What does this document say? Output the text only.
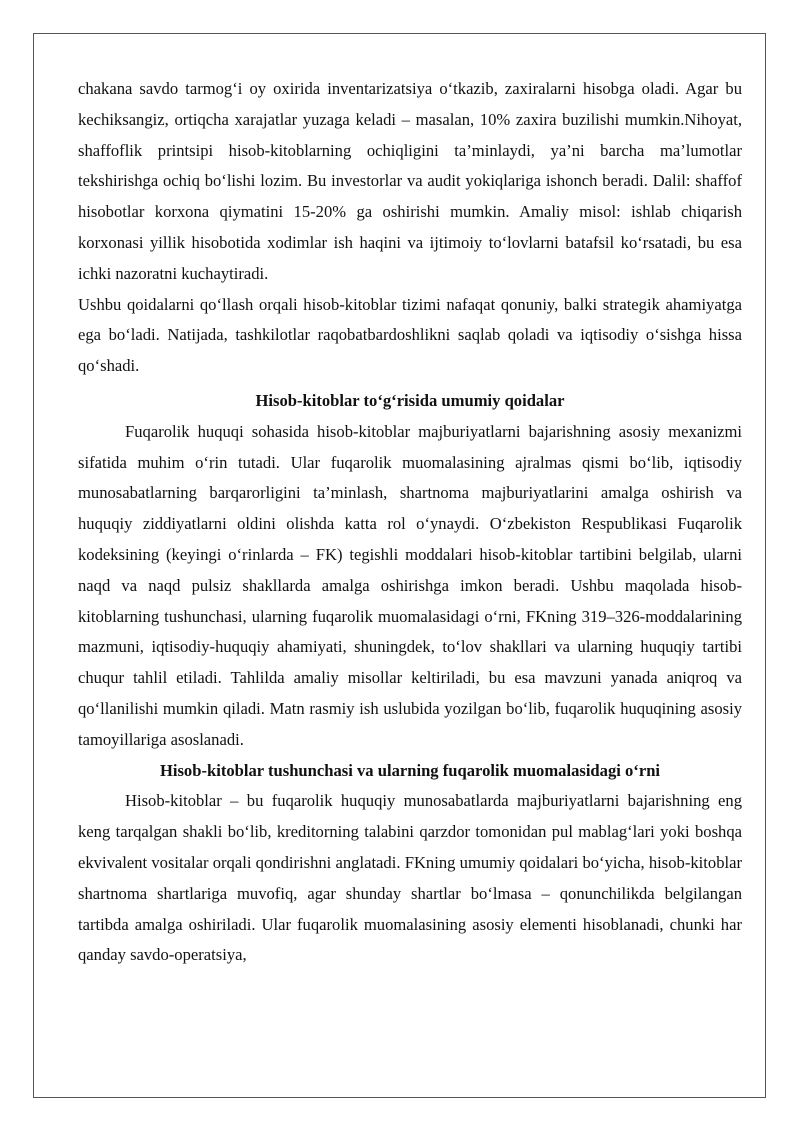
chakana savdo tarmog‘i oy oxirida inventarizatsiya o‘tkazib, zaxiralarni hisobga oladi. Agar bu kechiksangiz, ortiqcha xarajatlar yuzaga keladi – masalan, 10% zaxira buzilishi mumkin.Nihoyat, shaffoflik printsipi hisob-kitoblarning ochiqligini ta’minlaydi, ya’ni barcha ma’lumotlar tekshirishga ochiq bo‘lishi lozim. Bu investorlar va audit yokiqlariga ishonch beradi. Dalil: shaffof hisobotlar korxona qiymatini 15-20% ga oshirishi mumkin. Amaliy misol: ishlab chiqarish korxonasi yillik hisobotida xodimlar ish haqini va ijtimoiy to‘lovlarni batafsil ko‘rsatadi, bu esa ichki nazoratni kuchaytiradi.

Ushbu qoidalarni qo‘llash orqali hisob-kitoblar tizimi nafaqat qonuniy, balki strategik ahamiyatga ega bo‘ladi. Natijada, tashkilotlar raqobatbardoshlikni saqlab qoladi va iqtisodiy o‘sishga hissa qo‘shadi.

Hisob-kitoblar to‘g‘risida umumiy qoidalar

Fuqarolik huquqi sohasida hisob-kitoblar majburiyatlarni bajarishning asosiy mexanizmi sifatida muhim o‘rin tutadi. Ular fuqarolik muomalasining ajralmas qismi bo‘lib, iqtisodiy munosabatlarning barqarorligini ta’minlash, shartnoma majburiyatlarini amalga oshirish va huquqiy ziddiyatlarni oldini olishda katta rol o‘ynaydi. O‘zbekiston Respublikasi Fuqarolik kodeksining (keyingi o‘rinlarda – FK) tegishli moddalari hisob-kitoblar tartibini belgilab, ularni naqd va naqd pulsiz shakllarda amalga oshirishga imkon beradi. Ushbu maqolada hisob-kitoblarning tushunchasi, ularning fuqarolik muomalasidagi o‘rni, FKning 319–326-moddalarining mazmuni, iqtisodiy-huquqiy ahamiyati, shuningdek, to‘lov shakllari va ularning huquqiy tartibi chuqur tahlil etiladi. Tahlilda amaliy misollar keltiriladi, bu esa mavzuni yanada aniqroq va qo‘llanilishi mumkin qiladi. Matn rasmiy ish uslubida yozilgan bo‘lib, fuqarolik huquqining asosiy tamoyillariga asoslanadi.

Hisob-kitoblar tushunchasi va ularning fuqarolik muomalasidagi o‘rni

Hisob-kitoblar – bu fuqarolik huquqiy munosabatlarda majburiyatlarni bajarishning eng keng tarqalgan shakli bo‘lib, kreditorning talabini qarzdor tomonidan pul mablag‘lari yoki boshqa ekvivalent vositalar orqali qondirishni anglatadi. FKning umumiy qoidalari bo‘yicha, hisob-kitoblar shartnoma shartlariga muvofiq, agar shunday shartlar bo‘lmasa – qonunchilikda belgilangan tartibda amalga oshiriladi. Ular fuqarolik muomalasining asosiy elementi hisoblanadi, chunki har qanday savdo-operatsiya,
